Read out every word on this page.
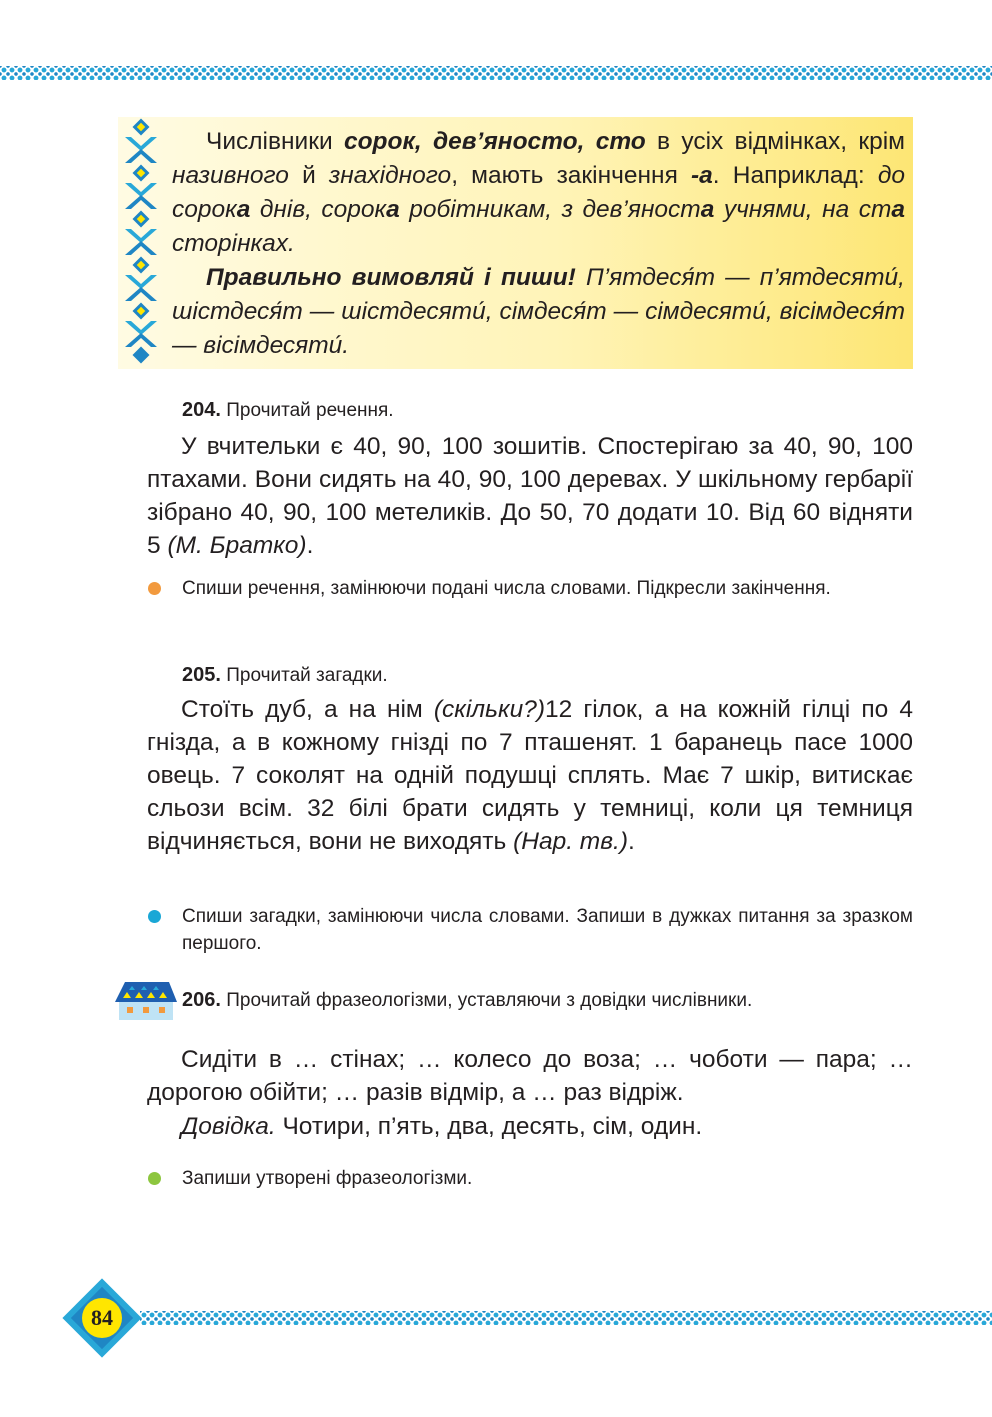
Числівники сорок, дев’яносто, сто в усіх відмінках, крім називного й знахідного, мають закінчення -а. Наприклад: до сорока днів, сорока робітникам, з дев’яноста учнями, на ста сторінках.

Правильно вимовляй і пиши! П’ятдеся́т — п’ятдесяти́, шістдеся́т — шістдесяти́, сімдеся́т — сімдесяти́, вісімдеся́т — вісімдесяти́.

204. Прочитай речення.

У вчительки є 40, 90, 100 зошитів. Спостерігаю за 40, 90, 100 птахами. Вони сидять на 40, 90, 100 деревах. У шкільному гербарії зібрано 40, 90, 100 метеликів. До 50, 70 додати 10. Від 60 відняти 5 (М. Братко).

Спиши речення, замінюючи подані числа словами. Підкресли закінчення.
205. Прочитай загадки.

Стоїть дуб, а на нім (скільки?)12 гілок, а на кожній гілці по 4 гнізда, а в кожному гнізді по 7 пташенят. 1 баранець пасе 1000 овець. 7 соколят на одній подушці сплять. Має 7 шкір, витискає сльози всім. 32 білі брати сидять у темниці, коли ця темниця відчиняється, вони не виходять (Нар. тв.).

Спиши загадки, замінюючи числа словами. Запиши в дужках питання за зразком першого.
206. Прочитай фразеологізми, уставляючи з довідки числівники.

Сидіти в … стінах; … колесо до воза; … чоботи — пара; … дорогою обійти; … разів відмір, а … раз відріж.

Довідка. Чотири, п’ять, два, десять, сім, один.

Запиши утворені фразеологізми.
84
